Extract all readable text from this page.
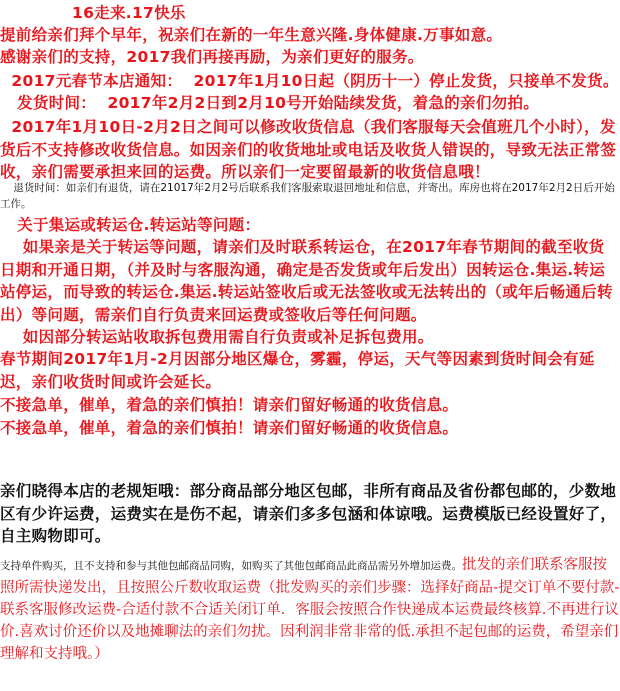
16走来.17快乐
提前给亲们拜个早年，祝亲们在新的一年生意兴隆.身体健康.万事如意。
感谢亲们的支持，2017我们再接再励，为亲们更好的服务。
2017元春节本店通知：  2017年1月10日起（阴历十一）停止发货，只接单不发货。
发货时间：  2017年2月2日到2月10号开始陆续发货，着急的亲们勿拍。
2017年1月10日-2月2日之间可以修改收货信息（我们客服每天会值班几个小时），发货后不支持修改收货信息。如因亲们的收货地址或电话及收货人错误的，导致无法正常签收，亲们需要承担来回的运费。所以亲们一定要留最新的收货信息哦！
退货时间：如亲们有退货，请在21017年2月2号后联系我们客服索取退回地址和信息，并寄出。库房也将在2017年2月2日后开始工作。
关于集运或转运仓.转运站等问题：
如果亲是关于转运等问题，请亲们及时联系转运仓，在2017年春节期间的截至收货日期和开通日期，（并及时与客服沟通，确定是否发货或年后发出）因转运仓.集运.转运站停运，而导致的转运仓.集运.转运站签收后或无法签收或无法转出的（或年后畅通后转出）等问题，需亲们自行负责来回运费或签收后等任何问题。
如因部分转运站收取拆包费用需自行负责或补足拆包费用。
春节期间2017年1月-2月因部分地区爆仓，雾霾，停运，天气等因素到货时间会有延迟，亲们收货时间或许会延长。
不接急单，催单，着急的亲们慎拍！请亲们留好畅通的收货信息。
不接急单，催单，着急的亲们慎拍！请亲们留好畅通的收货信息。
亲们晓得本店的老规矩哦：部分商品部分地区包邮，非所有商品及省份都包邮的，少数地区有少许运费，运费实在是伤不起，请亲们多多包涵和体谅哦。运费模版已经设置好了，自主购物即可。
支持单件购买，且不支持和参与其他包邮商品同购，如购买了其他包邮商品此商品需另外增加运费。批发的亲们联系客服按照所需快递发出，且按照公斤数收取运费（批发购买的亲们步骤：选择好商品-提交订单不要付款-联系客服修改运费-合适付款不合适关闭订单．客服会按照合作快递成本运费最终核算.不再进行议价.喜欢讨价还价以及地摊聊法的亲们勿扰。因利润非常非常的低.承担不起包邮的运费，希望亲们理解和支持哦。）
